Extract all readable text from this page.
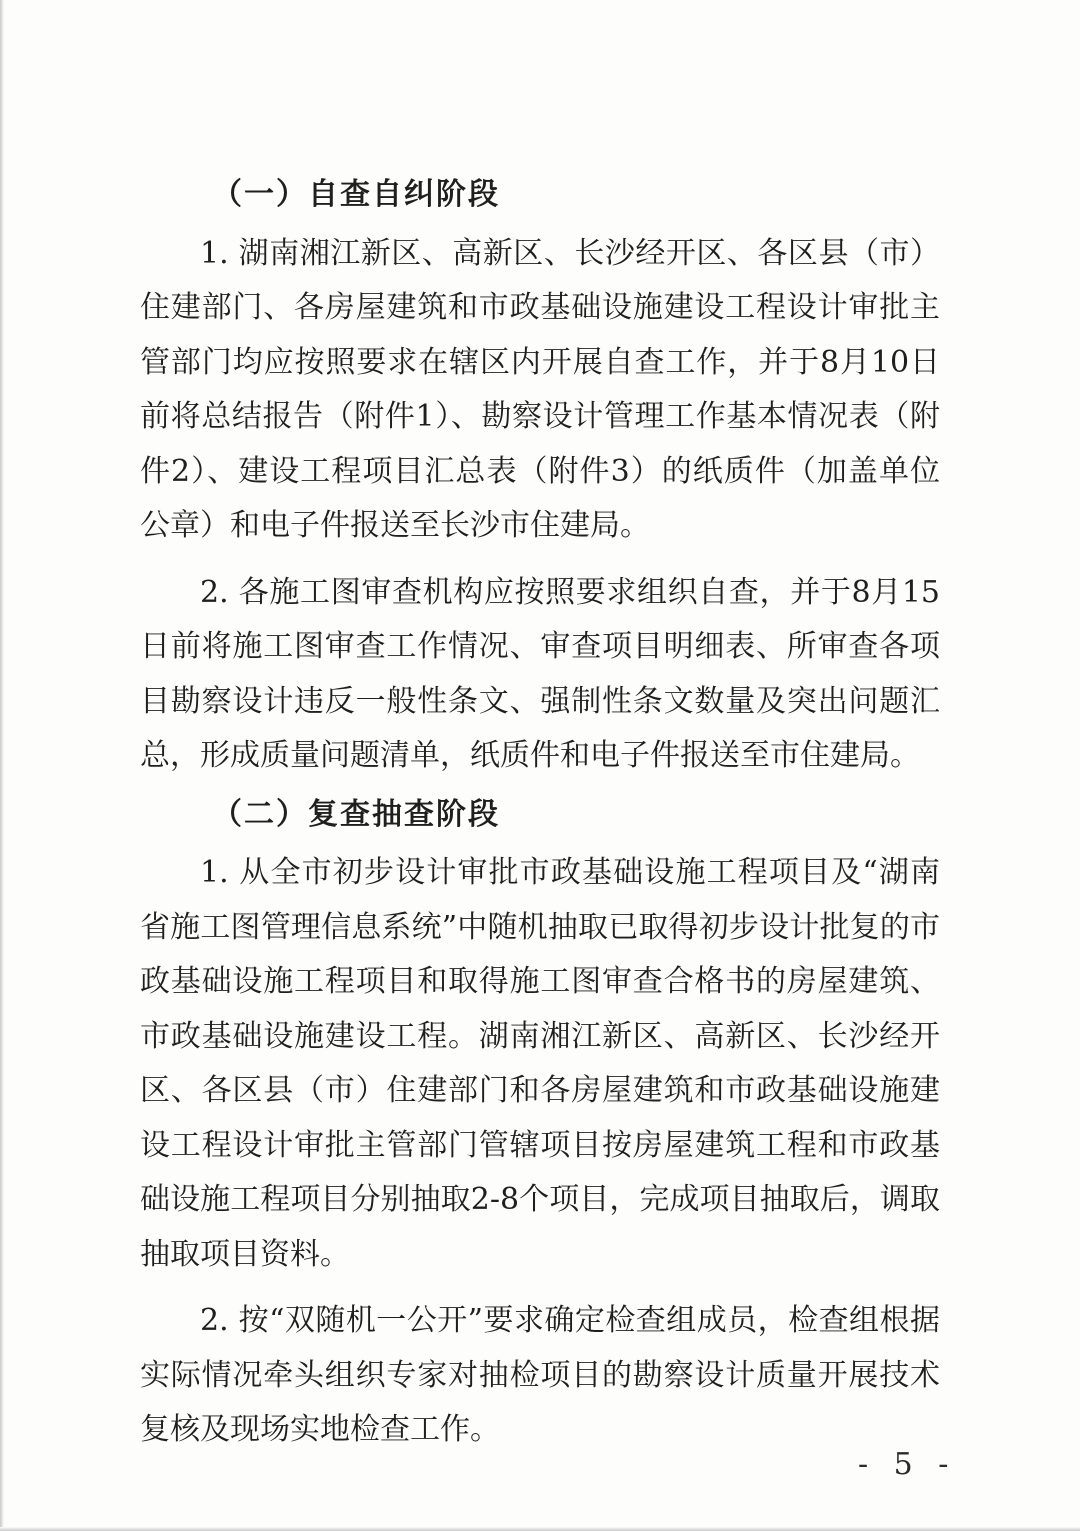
（一）自查自纠阶段

1. 湖南湘江新区、高新区、长沙经开区、各区县（市）住建部门、各房屋建筑和市政基础设施建设工程设计审批主管部门均应按照要求在辖区内开展自查工作，并于8月10日前将总结报告（附件1）、勘察设计管理工作基本情况表（附件2）、建设工程项目汇总表（附件3）的纸质件（加盖单位公章）和电子件报送至长沙市住建局。

2. 各施工图审查机构应按照要求组织自查，并于8月15日前将施工图审查工作情况、审查项目明细表、所审查各项目勘察设计违反一般性条文、强制性条文数量及突出问题汇总，形成质量问题清单，纸质件和电子件报送至市住建局。

（二）复查抽查阶段

1. 从全市初步设计审批市政基础设施工程项目及“湖南省施工图管理信息系统”中随机抽取已取得初步设计批复的市政基础设施工程项目和取得施工图审查合格书的房屋建筑、市政基础设施建设工程。湖南湘江新区、高新区、长沙经开区、各区县（市）住建部门和各房屋建筑和市政基础设施建设工程设计审批主管部门管辖项目按房屋建筑工程和市政基础设施工程项目分别抽取2-8个项目，完成项目抽取后，调取抽取项目资料。

2. 按“双随机一公开”要求确定检查组成员，检查组根据实际情况牵头组织专家对抽检项目的勘察设计质量开展技术复核及现场实地检查工作。

- 5 -
